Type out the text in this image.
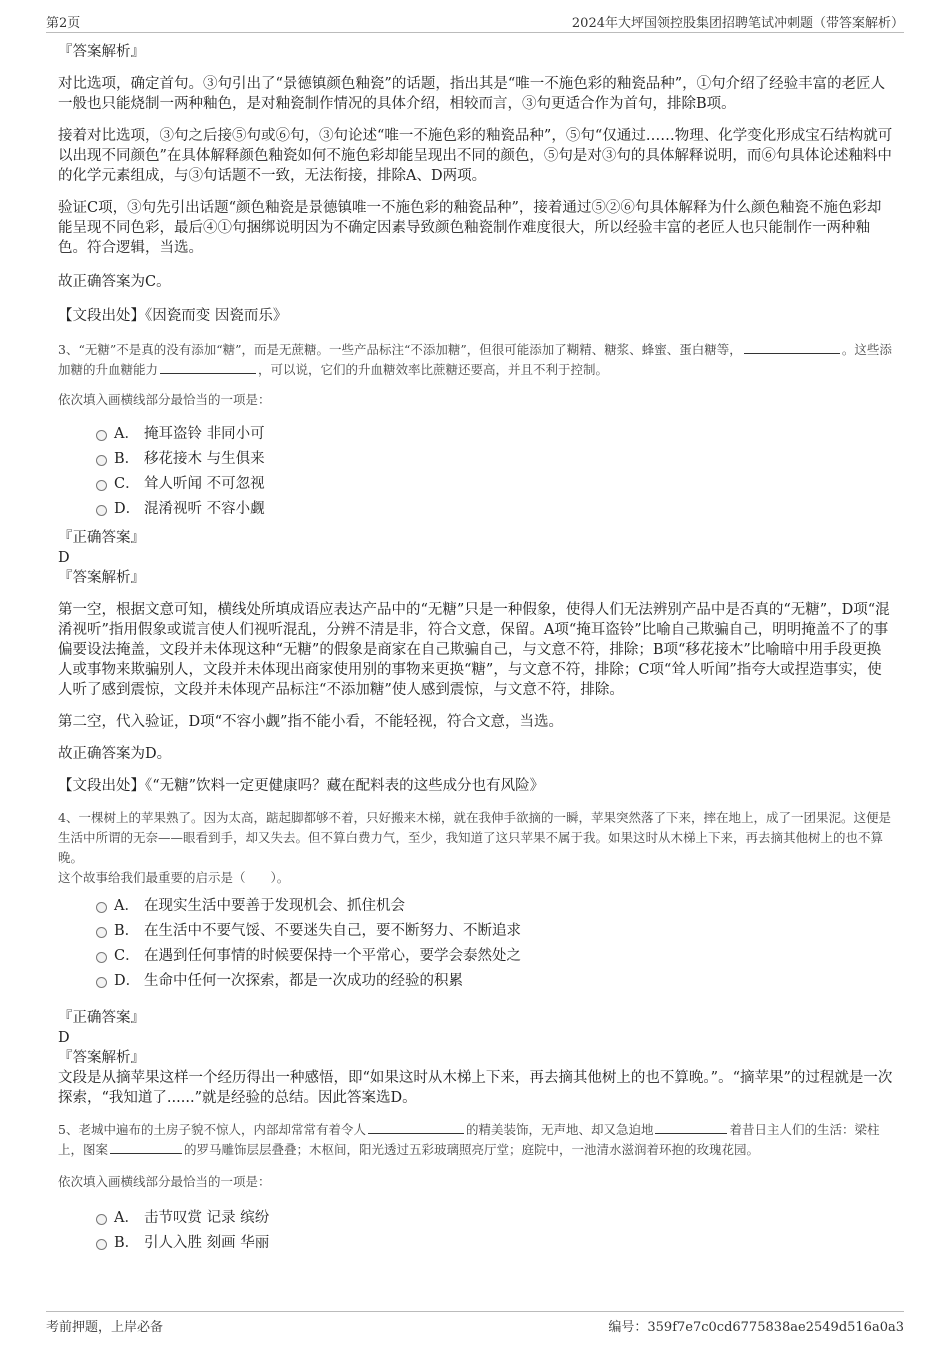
第2页	2024年大坪国领控股集团招聘笔试冲刺题（带答案解析）

『答案解析』

对比选项，确定首句。③句引出了“景德镇颜色釉瓷”的话题，指出其是“唯一不施色彩的釉瓷品种”，①句介绍了经验丰富的老匠人一般也只能烧制一两种釉色，是对釉瓷制作情况的具体介绍，相较而言，③句更适合作为首句，排除B项。

接着对比选项，③句之后接⑤句或⑥句，③句论述“唯一不施色彩的釉瓷品种”，⑤句“仅通过……物理、化学变化形成宝石结构就可以出现不同颜色”在具体解释颜色釉瓷如何不施色彩却能呈现出不同的颜色，⑤句是对③句的具体解释说明，而⑥句具体论述釉料中的化学元素组成，与③句话题不一致，无法衔接，排除A、D两项。

验证C项，③句先引出话题“颜色釉瓷是景德镇唯一不施色彩的釉瓷品种”，接着通过⑤②⑥句具体解释为什么颜色釉瓷不施色彩却能呈现不同色彩，最后④①句捆绑说明因为不确定因素导致颜色釉瓷制作难度很大，所以经验丰富的老匠人也只能制作一两种釉色。符合逻辑，当选。

故正确答案为C。

【文段出处】《因瓷而变 因瓷而乐》

3、“无糖”不是真的没有添加“糖”，而是无蔗糖。一些产品标注“不添加糖”，但很可能添加了糊精、糖浆、蜂蜜、蛋白糖等，	。这些添加糖的升血糖能力	，可以说，它们的升血糖效率比蔗糖还要高，并且不利于控制。

依次填入画横线部分最恰当的一项是：

A． 掩耳盗铃 非同小可
B． 移花接木 与生俱来
C． 耸人听闻 不可忽视
D． 混淆视听 不容小觑

『正确答案』

D

『答案解析』

第一空，根据文意可知，横线处所填成语应表达产品中的“无糖”只是一种假象，使得人们无法辨别产品中是否真的“无糖”，D项“混淆视听”指用假象或谎言使人们视听混乱，分辨不清是非，符合文意，保留。A项“掩耳盗铃”比喻自己欺骗自己，明明掩盖不了的事偏要设法掩盖，文段并未体现这种“无糖”的假象是商家在自己欺骗自己，与文意不符，排除；B项“移花接木”比喻暗中用手段更换人或事物来欺骗别人，文段并未体现出商家使用别的事物来更换“糖”，与文意不符，排除；C项“耸人听闻”指夸大或捏造事实，使人听了感到震惊，文段并未体现产品标注“不添加糖”使人感到震惊，与文意不符，排除。

第二空，代入验证，D项“不容小觑”指不能小看，不能轻视，符合文意，当选。

故正确答案为D。

【文段出处】《“无糖”饮料一定更健康吗？藏在配料表的这些成分也有风险》

4、一棵树上的苹果熟了。因为太高，踮起脚都够不着，只好搬来木梯，就在我伸手欲摘的一瞬，苹果突然落了下来，摔在地上，成了一团果泥。这便是生活中所谓的无奈——眼看到手，却又失去。但不算白费力气，至少，我知道了这只苹果不属于我。如果这时从木梯上下来，再去摘其他树上的也不算晚。

这个故事给我们最重要的启示是（　　）。

A． 在现实生活中要善于发现机会、抓住机会
B． 在生活中不要气馁、不要迷失自己，要不断努力、不断追求
C． 在遇到任何事情的时候要保持一个平常心，要学会泰然处之
D． 生命中任何一次探索，都是一次成功的经验的积累

『正确答案』

D

『答案解析』

文段是从摘苹果这样一个经历得出一种感悟，即“如果这时从木梯上下来，再去摘其他树上的也不算晚。”。“摘苹果”的过程就是一次探索，“我知道了......”就是经验的总结。因此答案选D。

5、老城中遍布的土房子貌不惊人，内部却常常有着令人	的精美装饰，无声地、却又急迫地	着昔日主人们的生活：梁柱上，图案	的罗马雕饰层层叠叠；木枢间，阳光透过五彩玻璃照亮厅堂；庭院中，一池清水滋润着环抱的玫瑰花园。

依次填入画横线部分最恰当的一项是：

A． 击节叹赏 记录 缤纷
B． 引人入胜 刻画 华丽
考前押题，上岸必备	编号：359f7e7c0cd6775838ae2549d516a0a3
